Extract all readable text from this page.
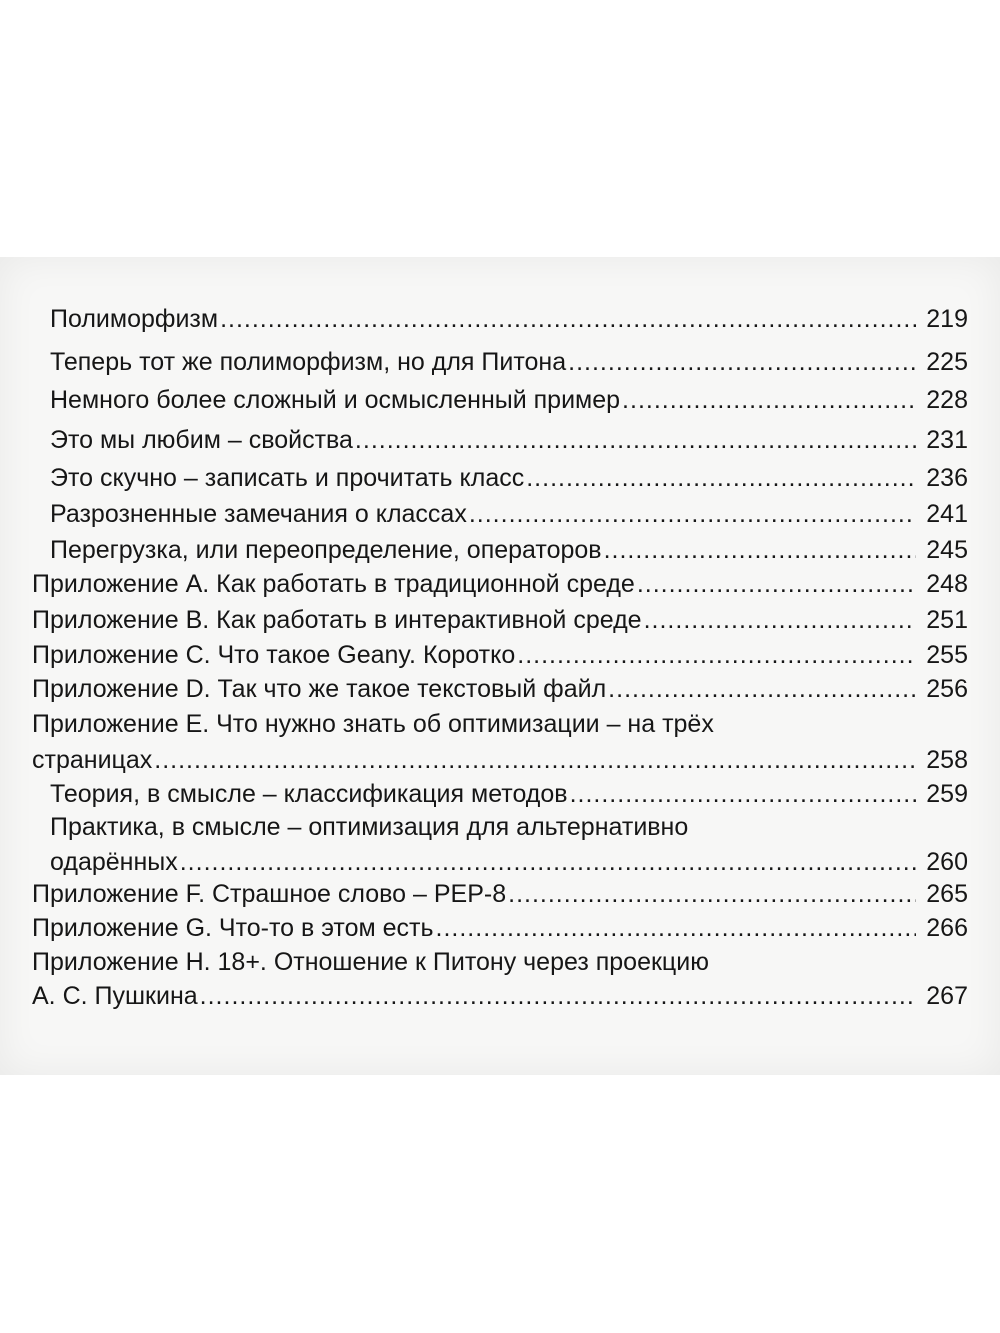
Полиморфизм .....	219
Теперь тот же полиморфизм, но для Питона .....	225
Немного более сложный и осмысленный пример .....	228
Это мы любим – свойства .....	231
Это скучно – записать и прочитать класс .....	236
Разрозненные замечания о классах .....	241
Перегрузка, или переопределение, операторов .....	245
Приложение A. Как работать в традиционной среде .....	248
Приложение B. Как работать в интерактивной среде .....	251
Приложение C. Что такое Geany. Коротко .....	255
Приложение D. Так что же такое текстовый файл .....	256
Приложение E. Что нужно знать об оптимизации – на трёх
страницах .....	258
Теория, в смысле – классификация методов .....	259
Практика, в смысле – оптимизация для альтернативно
одарённых .....	260
Приложение F. Страшное слово – PEP-8 .....	265
Приложение G. Что-то в этом есть .....	266
Приложение H. 18+. Отношение к Питону через проекцию
А. С. Пушкина .....	267
